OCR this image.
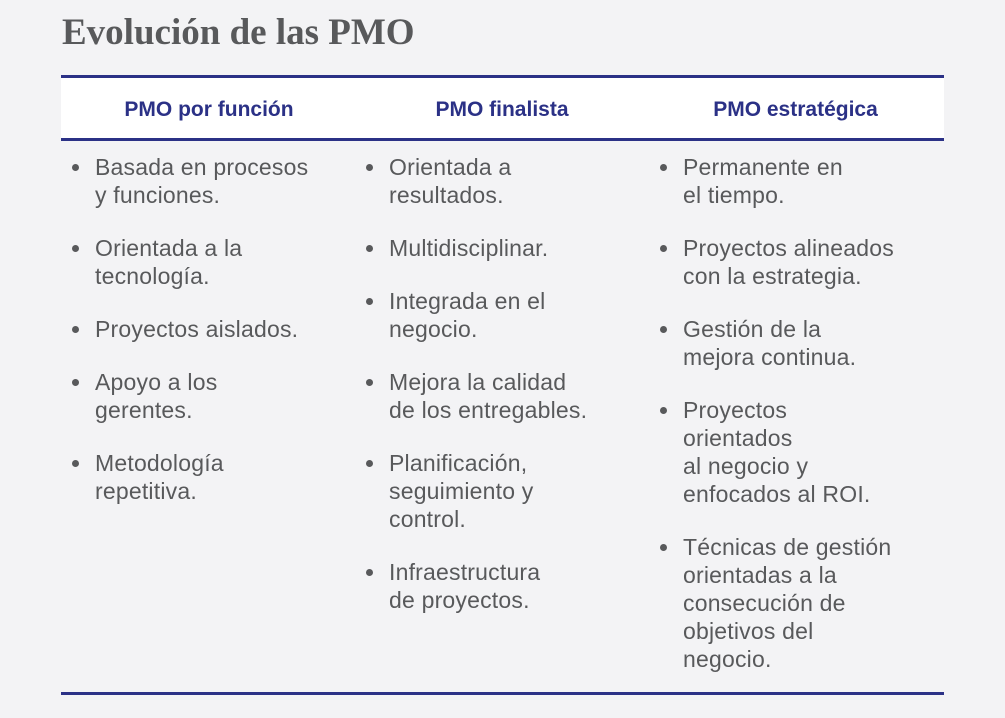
Evolución de las PMO
PMO por función	PMO finalista	PMO estratégica
Basada en procesos
y funciones.
Orientada a la
tecnología.
Proyectos aislados.
Apoyo a los
gerentes.
Metodología
repetitiva.
Orientada a
resultados.
Multidisciplinar.
Integrada en el
negocio.
Mejora la calidad
de los entregables.
Planificación,
seguimiento y
control.
Infraestructura
de proyectos.
Permanente en
el tiempo.
Proyectos alineados
con la estrategia.
Gestión de la
mejora continua.
Proyectos
orientados
al negocio y
enfocados al ROI.
Técnicas de gestión
orientadas a la
consecución de
objetivos del
negocio.
